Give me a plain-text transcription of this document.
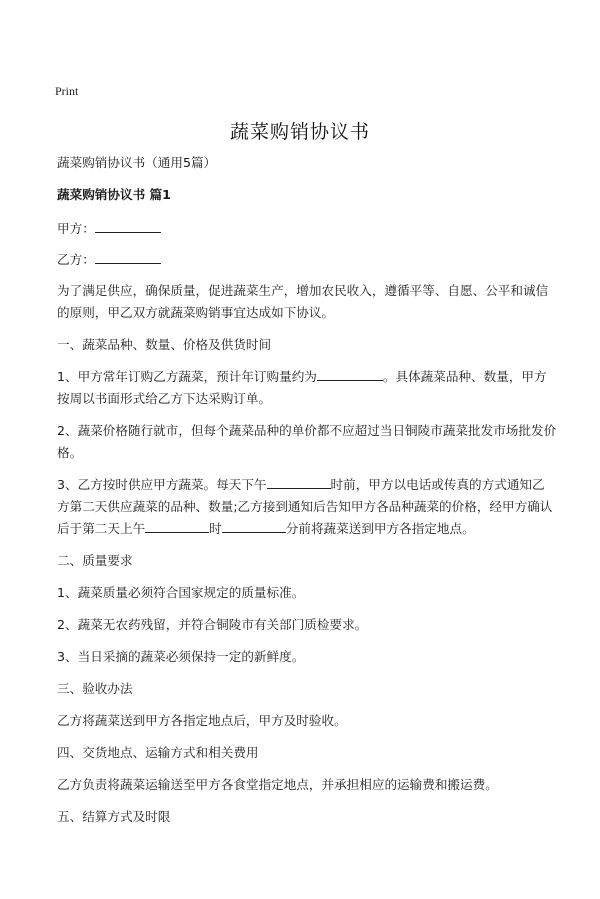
Print
蔬菜购销协议书

蔬菜购销协议书（通用5篇）

蔬菜购销协议书 篇1

甲方：

乙方：

为了满足供应，确保质量，促进蔬菜生产，增加农民收入，遵循平等、自愿、公平和诚信的原则，甲乙双方就蔬菜购销事宜达成如下协议。

一、蔬菜品种、数量、价格及供货时间

1、甲方常年订购乙方蔬菜，预计年订购量约为	。具体蔬菜品种、数量，甲方按周以书面形式给乙方下达采购订单。

2、蔬菜价格随行就市，但每个蔬菜品种的单价都不应超过当日铜陵市蔬菜批发市场批发价格。

3、乙方按时供应甲方蔬菜。每天下午	时前，甲方以电话或传真的方式通知乙方第二天供应蔬菜的品种、数量;乙方接到通知后告知甲方各品种蔬菜的价格，经甲方确认后于第二天上午	时	分前将蔬菜送到甲方各指定地点。

二、质量要求

1、蔬菜质量必须符合国家规定的质量标准。

2、蔬菜无农药残留，并符合铜陵市有关部门质检要求。

3、当日采摘的蔬菜必须保持一定的新鲜度。

三、验收办法

乙方将蔬菜送到甲方各指定地点后，甲方及时验收。

四、交货地点、运输方式和相关费用

乙方负责将蔬菜运输送至甲方各食堂指定地点，并承担相应的运输费和搬运费。

五、结算方式及时限
